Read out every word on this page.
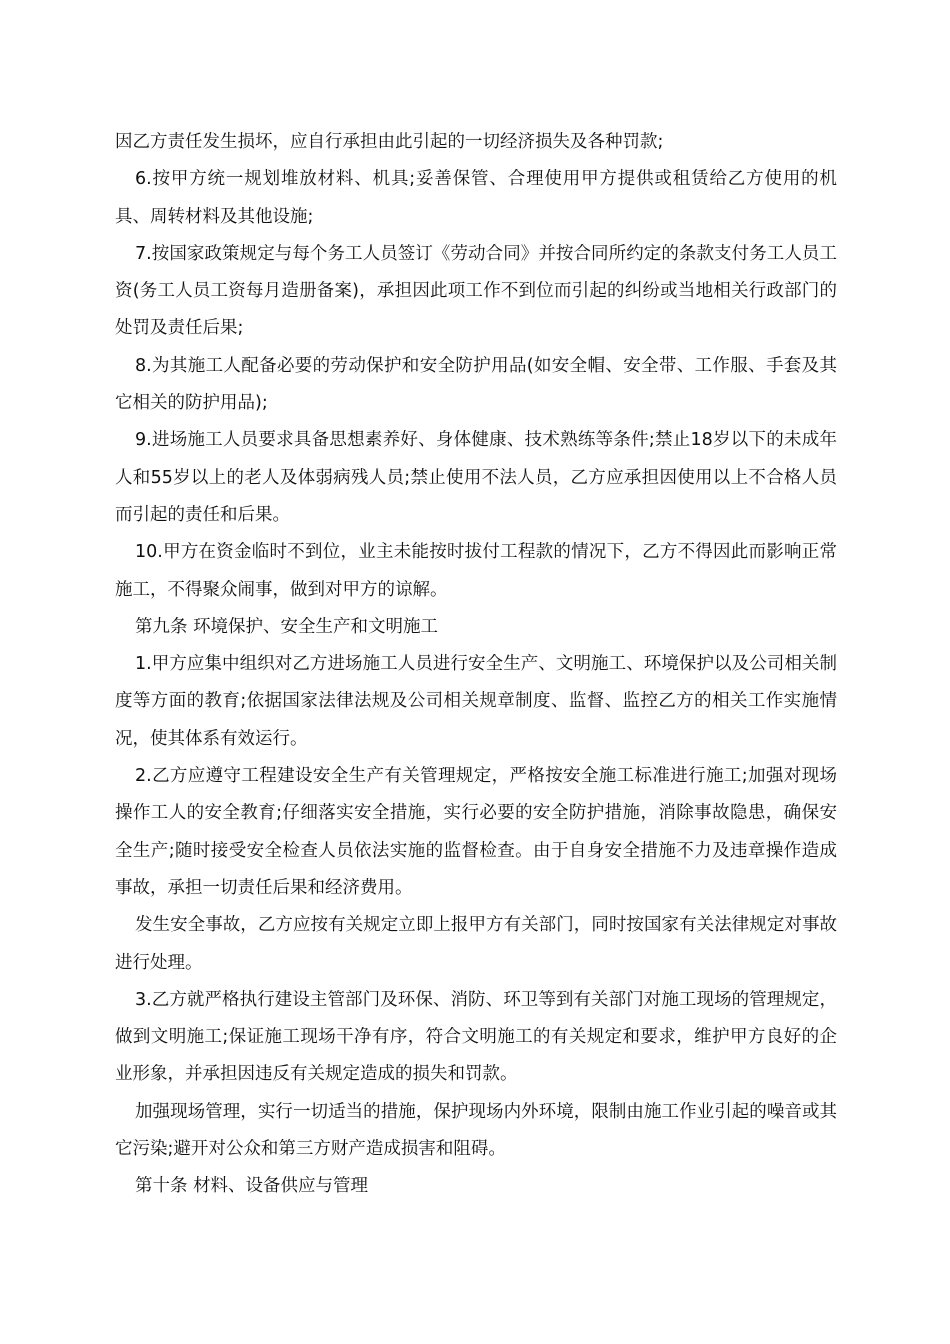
因乙方责任发生损坏，应自行承担由此引起的一切经济损失及各种罚款;

6.按甲方统一规划堆放材料、机具;妥善保管、合理使用甲方提供或租赁给乙方使用的机具、周转材料及其他设施;

7.按国家政策规定与每个务工人员签订《劳动合同》并按合同所约定的条款支付务工人员工资(务工人员工资每月造册备案)，承担因此项工作不到位而引起的纠纷或当地相关行政部门的处罚及责任后果;

8.为其施工人配备必要的劳动保护和安全防护用品(如安全帽、安全带、工作服、手套及其它相关的防护用品);

9.进场施工人员要求具备思想素养好、身体健康、技术熟练等条件;禁止18岁以下的未成年人和55岁以上的老人及体弱病残人员;禁止使用不法人员，乙方应承担因使用以上不合格人员而引起的责任和后果。

10.甲方在资金临时不到位，业主未能按时拔付工程款的情况下，乙方不得因此而影响正常施工，不得聚众闹事，做到对甲方的谅解。

第九条 环境保护、安全生产和文明施工

1.甲方应集中组织对乙方进场施工人员进行安全生产、文明施工、环境保护以及公司相关制度等方面的教育;依据国家法律法规及公司相关规章制度、监督、监控乙方的相关工作实施情况，使其体系有效运行。

2.乙方应遵守工程建设安全生产有关管理规定，严格按安全施工标准进行施工;加强对现场操作工人的安全教育;仔细落实安全措施，实行必要的安全防护措施，消除事故隐患，确保安全生产;随时接受安全检查人员依法实施的监督检查。由于自身安全措施不力及违章操作造成事故，承担一切责任后果和经济费用。

发生安全事故，乙方应按有关规定立即上报甲方有关部门，同时按国家有关法律规定对事故进行处理。

3.乙方就严格执行建设主管部门及环保、消防、环卫等到有关部门对施工现场的管理规定，做到文明施工;保证施工现场干净有序，符合文明施工的有关规定和要求，维护甲方良好的企业形象，并承担因违反有关规定造成的损失和罚款。

加强现场管理，实行一切适当的措施，保护现场内外环境，限制由施工作业引起的噪音或其它污染;避开对公众和第三方财产造成损害和阻碍。

第十条 材料、设备供应与管理
